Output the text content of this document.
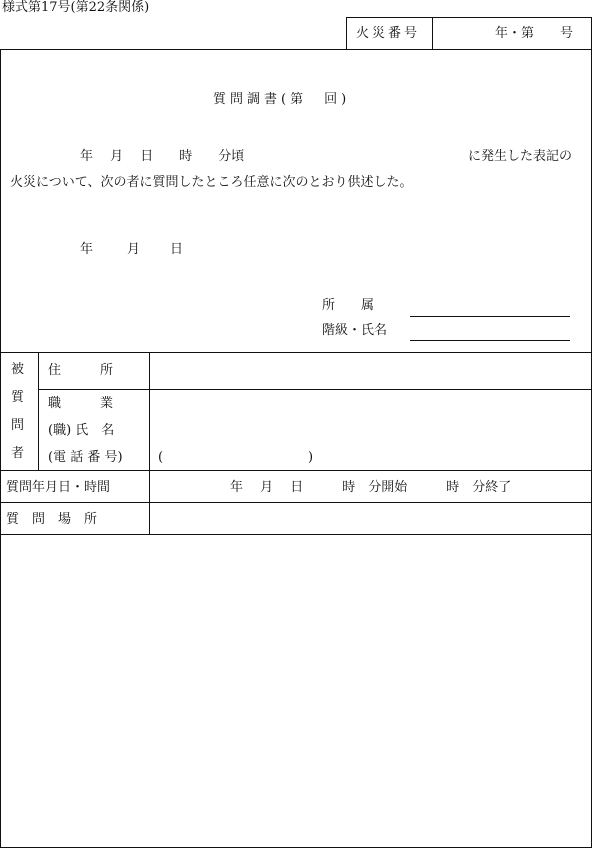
様式第17号(第22条関係)
火災番号	年・第　　号
質問調書(第　回)
年　 月　 日　　時　　分頃	に発生した表記の
火災について、次の者に質問したところ任意に次のとおり供述した。
年	月 日
所　　属
階級・氏名
被
質
問
者
住　　　所
職　　　業
(職) 氏　名
(電 話 番 号)	(	)
質問年月日・時間	年　 月　 日　　　時　分開始　　　時　分終了
質　問　場　所
